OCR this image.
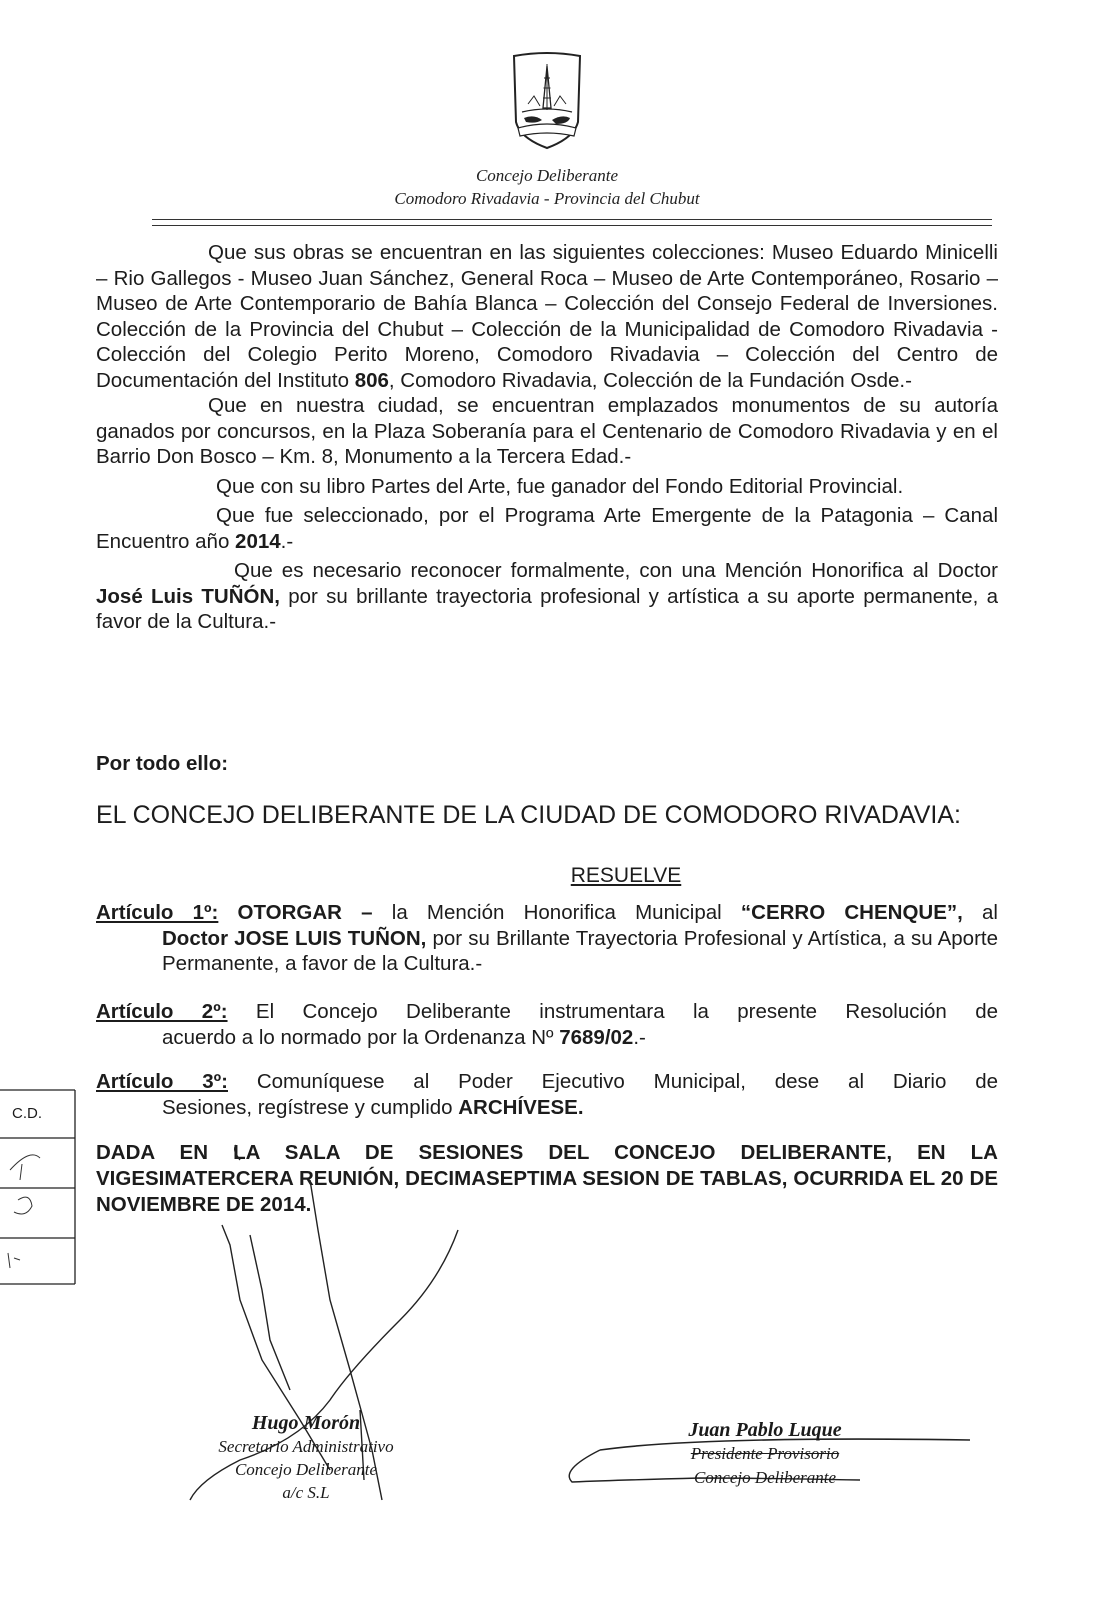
Concejo Deliberante
Comodoro Rivadavia - Provincia del Chubut

Que sus obras se encuentran en las siguientes colecciones: Museo Eduardo Minicelli – Rio Gallegos - Museo Juan Sánchez, General Roca – Museo de Arte Contemporáneo, Rosario – Museo de Arte Contemporario de Bahía Blanca – Colección del Consejo Federal de Inversiones. Colección de la Provincia del Chubut – Colección de la Municipalidad de Comodoro Rivadavia - Colección del Colegio Perito Moreno, Comodoro Rivadavia – Colección del Centro de Documentación del Instituto 806, Comodoro Rivadavia, Colección de la Fundación Osde.-

Que en nuestra ciudad, se encuentran emplazados monumentos de su autoría ganados por concursos, en la Plaza Soberanía para el Centenario de Comodoro Rivadavia y en el Barrio Don Bosco – Km. 8, Monumento a la Tercera Edad.-

Que con su libro Partes del Arte, fue ganador del Fondo Editorial Provincial.

Que fue seleccionado, por el Programa Arte Emergente de la Patagonia – Canal Encuentro año 2014.-

Que es necesario reconocer formalmente, con una Mención Honorifica al Doctor José Luis TUÑÓN, por su brillante trayectoria profesional y artística a su aporte permanente, a favor de la Cultura.-

Por todo ello:
EL CONCEJO DELIBERANTE DE LA CIUDAD DE COMODORO RIVADAVIA:
RESUELVE
Artículo 1º: OTORGAR – la Mención Honorifica Municipal “CERRO CHENQUE”, al
Doctor JOSE LUIS TUÑON, por su Brillante Trayectoria Profesional y Artística, a su Aporte Permanente, a favor de la Cultura.-
Artículo 2º: El Concejo Deliberante instrumentara la presente Resolución de
acuerdo a lo normado por la Ordenanza Nº 7689/02.-
Artículo 3º: Comuníquese al Poder Ejecutivo Municipal, dese al Diario de
Sesiones, regístrese y cumplido ARCHÍVESE.
DADA EN LA SALA DE SESIONES DEL CONCEJO DELIBERANTE, EN LA VIGESIMATERCERA REUNIÓN, DECIMASEPTIMA SESION DE TABLAS, OCURRIDA EL 20 DE NOVIEMBRE DE 2014.
C.D.
Hugo Morón
Secretario Administrativo
Concejo Deliberante
a/c S.L
Juan Pablo Luque
Presidente Provisorio
Concejo Deliberante
